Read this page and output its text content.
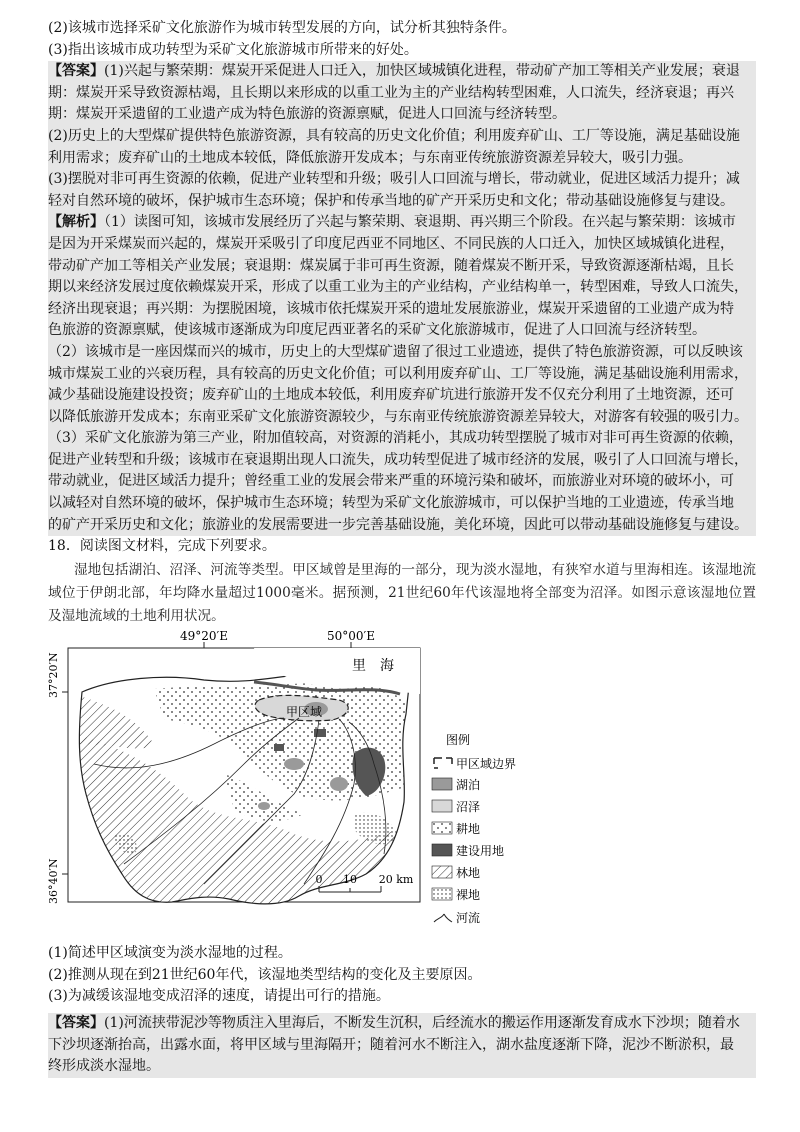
(2)该城市选择采矿文化旅游作为城市转型发展的方向，试分析其独特条件。
(3)指出该城市成功转型为采矿文化旅游城市所带来的好处。
【答案】(1)兴起与繁荣期：煤炭开采促进人口迁入，加快区域城镇化进程，带动矿产加工等相关产业发展；衰退
期：煤炭开采导致资源枯竭，且长期以来形成的以重工业为主的产业结构转型困难，人口流失，经济衰退；再兴
期：煤炭开采遗留的工业遗产成为特色旅游的资源禀赋，促进人口回流与经济转型。
(2)历史上的大型煤矿提供特色旅游资源，具有较高的历史文化价值；利用废弃矿山、工厂等设施，满足基础设施
利用需求；废弃矿山的土地成本较低，降低旅游开发成本；与东南亚传统旅游资源差异较大，吸引力强。
(3)摆脱对非可再生资源的依赖，促进产业转型和升级；吸引人口回流与增长，带动就业，促进区域活力提升；减
轻对自然环境的破坏，保护城市生态环境；保护和传承当地的矿产开采历史和文化；带动基础设施修复与建设。
【解析】（1）读图可知，该城市发展经历了兴起与繁荣期、衰退期、再兴期三个阶段。在兴起与繁荣期：该城市
是因为开采煤炭而兴起的，煤炭开采吸引了印度尼西亚不同地区、不同民族的人口迁入，加快区域城镇化进程，
带动矿产加工等相关产业发展；衰退期：煤炭属于非可再生资源，随着煤炭不断开采，导致资源逐渐枯竭，且长
期以来经济发展过度依赖煤炭开采，形成了以重工业为主的产业结构，产业结构单一，转型困难，导致人口流失，
经济出现衰退；再兴期：为摆脱困境，该城市依托煤炭开采的遗址发展旅游业，煤炭开采遗留的工业遗产成为特
色旅游的资源禀赋，使该城市逐渐成为印度尼西亚著名的采矿文化旅游城市，促进了人口回流与经济转型。
（2）该城市是一座因煤而兴的城市，历史上的大型煤矿遗留了很过工业遗迹，提供了特色旅游资源，可以反映该
城市煤炭工业的兴衰历程，具有较高的历史文化价值；可以利用废弃矿山、工厂等设施，满足基础设施利用需求，
减少基础设施建设投资；废弃矿山的土地成本较低，利用废弃矿坑进行旅游开发不仅充分利用了土地资源，还可
以降低旅游开发成本；东南亚采矿文化旅游资源较少，与东南亚传统旅游资源差异较大，对游客有较强的吸引力。
（3）采矿文化旅游为第三产业，附加值较高，对资源的消耗小，其成功转型摆脱了城市对非可再生资源的依赖，
促进产业转型和升级；该城市在衰退期出现人口流失，成功转型促进了城市经济的发展，吸引了人口回流与增长，
带动就业，促进区域活力提升；曾经重工业的发展会带来严重的环境污染和破坏，而旅游业对环境的破坏小，可
以减轻对自然环境的破坏，保护城市生态环境；转型为采矿文化旅游城市，可以保护当地的工业遗迹，传承当地
的矿产开采历史和文化；旅游业的发展需要进一步完善基础设施，美化环境，因此可以带动基础设施修复与建设。
18．阅读图文材料，完成下列要求。
湿地包括湖泊、沼泽、河流等类型。甲区域曾是里海的一部分，现为淡水湿地，有狭窄水道与里海相连。该湿地流域位于伊朗北部，年均降水量超过1000毫米。据预测，21世纪60年代该湿地将全部变为沼泽。如图示意该湿地位置及湿地流域的土地利用状况。
49°20′E	50°00′E
37°20′N
36°40′N
里　海
甲区域
0 10 20 km
图例
甲区域边界
湖泊
沼泽
耕地
建设用地
林地
裸地
河流
(1)简述甲区域演变为淡水湿地的过程。
(2)推测从现在到21世纪60年代，该湿地类型结构的变化及主要原因。
(3)为减缓该湿地变成沼泽的速度，请提出可行的措施。
【答案】(1)河流挟带泥沙等物质注入里海后，不断发生沉积，后经流水的搬运作用逐渐发育成水下沙坝；随着水
下沙坝逐渐抬高，出露水面，将甲区域与里海隔开；随着河水不断注入，湖水盐度逐渐下降，泥沙不断淤积，最
终形成淡水湿地。
